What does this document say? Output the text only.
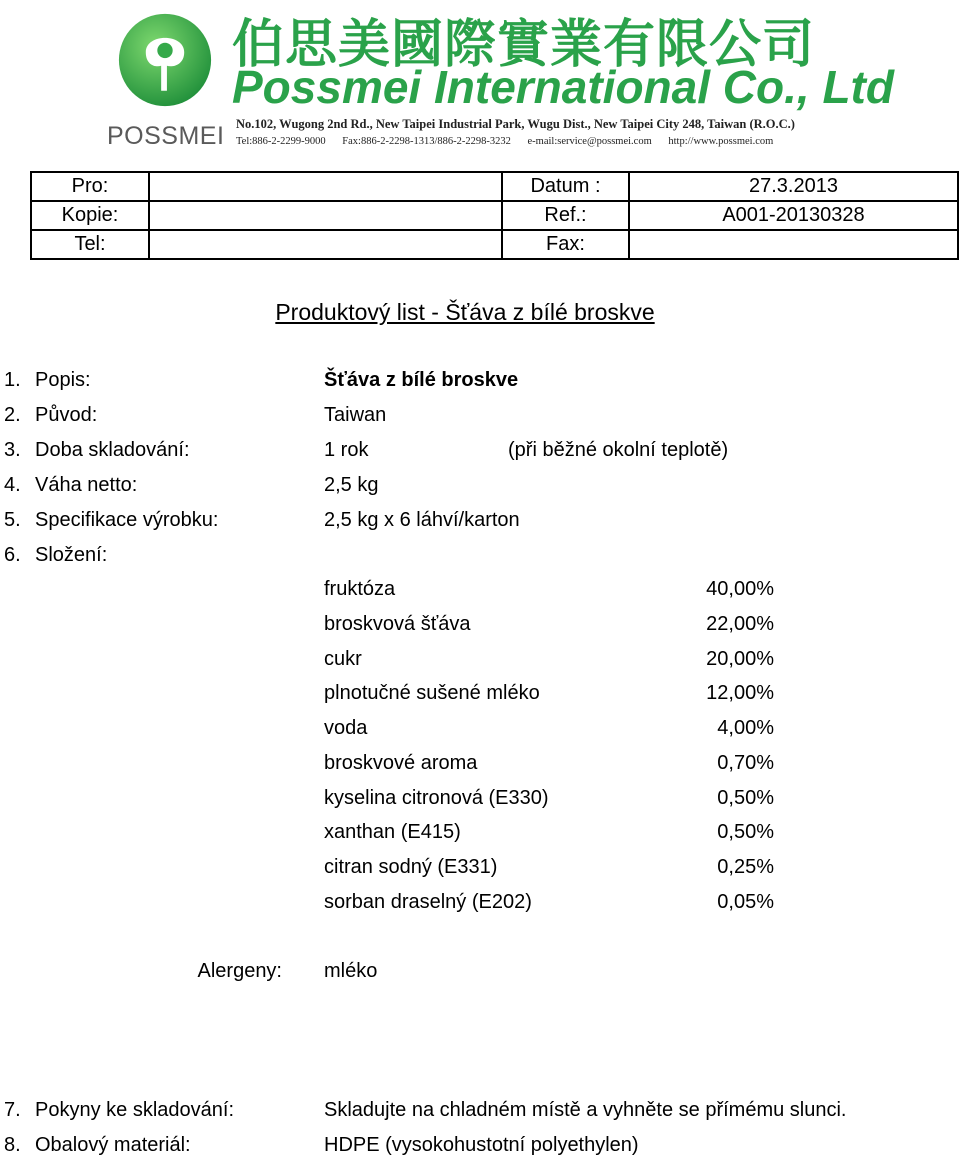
POSSMEI
伯思美國際實業有限公司
Possmei International Co., Ltd
No.102, Wugong 2nd Rd., New Taipei Industrial Park, Wugu Dist., New Taipei City 248, Taiwan (R.O.C.)
Tel:886-2-2299-9000 Fax:886-2-2298-1313/886-2-2298-3232 e-mail:service@possmei.com http://www.possmei.com
Pro:		Datum :	27.3.2013
Kopie:		Ref.:	A001-20130328
Tel:		Fax:	
Produktový list - Šťáva z bílé broskve
1. Popis:	Šťáva z bílé broskve
2. Původ:	Taiwan
3. Doba skladování:	1 rok	(při běžné okolní teplotě)
4. Váha netto:	2,5 kg
5. Specifikace výrobku:	2,5 kg x 6 láhví/karton
6. Složení:
fruktóza	40,00%
broskvová šťáva	22,00%
cukr	20,00%
plnotučné sušené mléko	12,00%
voda	4,00%
broskvové aroma	0,70%
kyselina citronová (E330)	0,50%
xanthan (E415)	0,50%
citran sodný (E331)	0,25%
sorban draselný (E202)	0,05%
Alergeny: mléko
7. Pokyny ke skladování:	Skladujte na chladném místě a vyhněte se přímému slunci.
8. Obalový materiál:	HDPE (vysokohustotní polyethylen)
